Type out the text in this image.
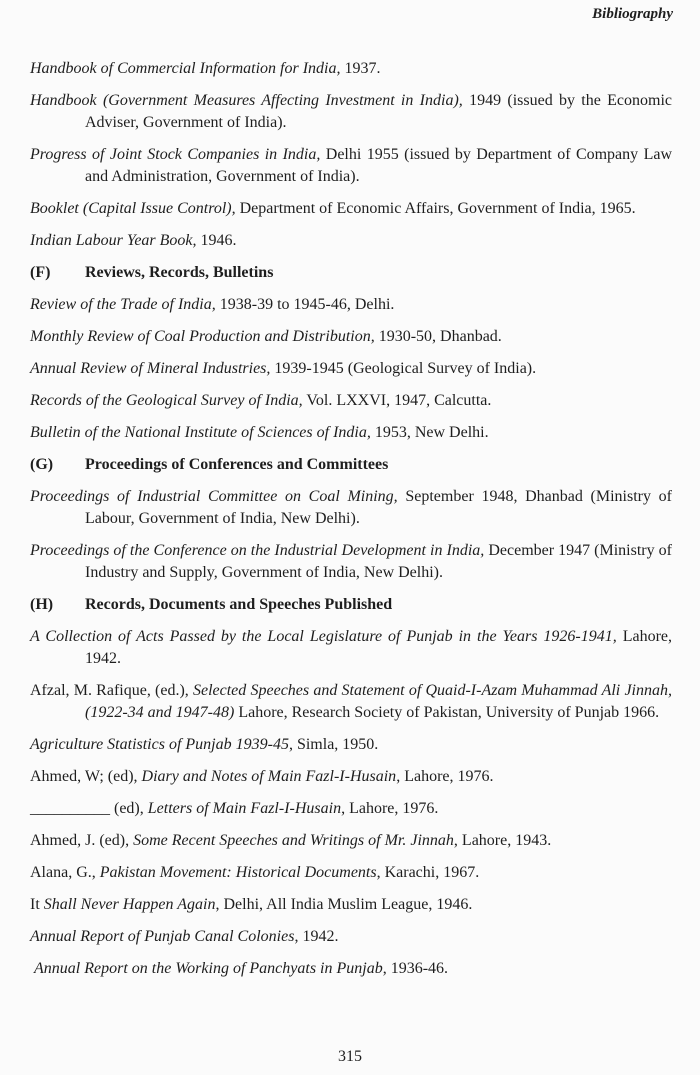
Bibliography

Handbook of Commercial Information for India, 1937.

Handbook (Government Measures Affecting Investment in India), 1949 (issued by the Economic Adviser, Government of India).

Progress of Joint Stock Companies in India, Delhi 1955 (issued by Department of Company Law and Administration, Government of India).

Booklet (Capital Issue Control), Department of Economic Affairs, Government of India, 1965.

Indian Labour Year Book, 1946.

(F) Reviews, Records, Bulletins

Review of the Trade of India, 1938-39 to 1945-46, Delhi.

Monthly Review of Coal Production and Distribution, 1930-50, Dhanbad.

Annual Review of Mineral Industries, 1939-1945 (Geological Survey of India).

Records of the Geological Survey of India, Vol. LXXVI, 1947, Calcutta.

Bulletin of the National Institute of Sciences of India, 1953, New Delhi.

(G) Proceedings of Conferences and Committees

Proceedings of Industrial Committee on Coal Mining, September 1948, Dhanbad (Ministry of Labour, Government of India, New Delhi).

Proceedings of the Conference on the Industrial Development in India, December 1947 (Ministry of Industry and Supply, Government of India, New Delhi).

(H) Records, Documents and Speeches Published

A Collection of Acts Passed by the Local Legislature of Punjab in the Years 1926-1941, Lahore, 1942.

Afzal, M. Rafique, (ed.), Selected Speeches and Statement of Quaid-I-Azam Muhammad Ali Jinnah, (1922-34 and 1947-48) Lahore, Research Society of Pakistan, University of Punjab 1966.

Agriculture Statistics of Punjab 1939-45, Simla, 1950.

Ahmed, W; (ed), Diary and Notes of Main Fazl-I-Husain, Lahore, 1976.

__________ (ed), Letters of Main Fazl-I-Husain, Lahore, 1976.

Ahmed, J. (ed), Some Recent Speeches and Writings of Mr. Jinnah, Lahore, 1943.

Alana, G., Pakistan Movement: Historical Documents, Karachi, 1967.

It Shall Never Happen Again, Delhi, All India Muslim League, 1946.

Annual Report of Punjab Canal Colonies, 1942.

Annual Report on the Working of Panchyats in Punjab, 1936-46.

315
